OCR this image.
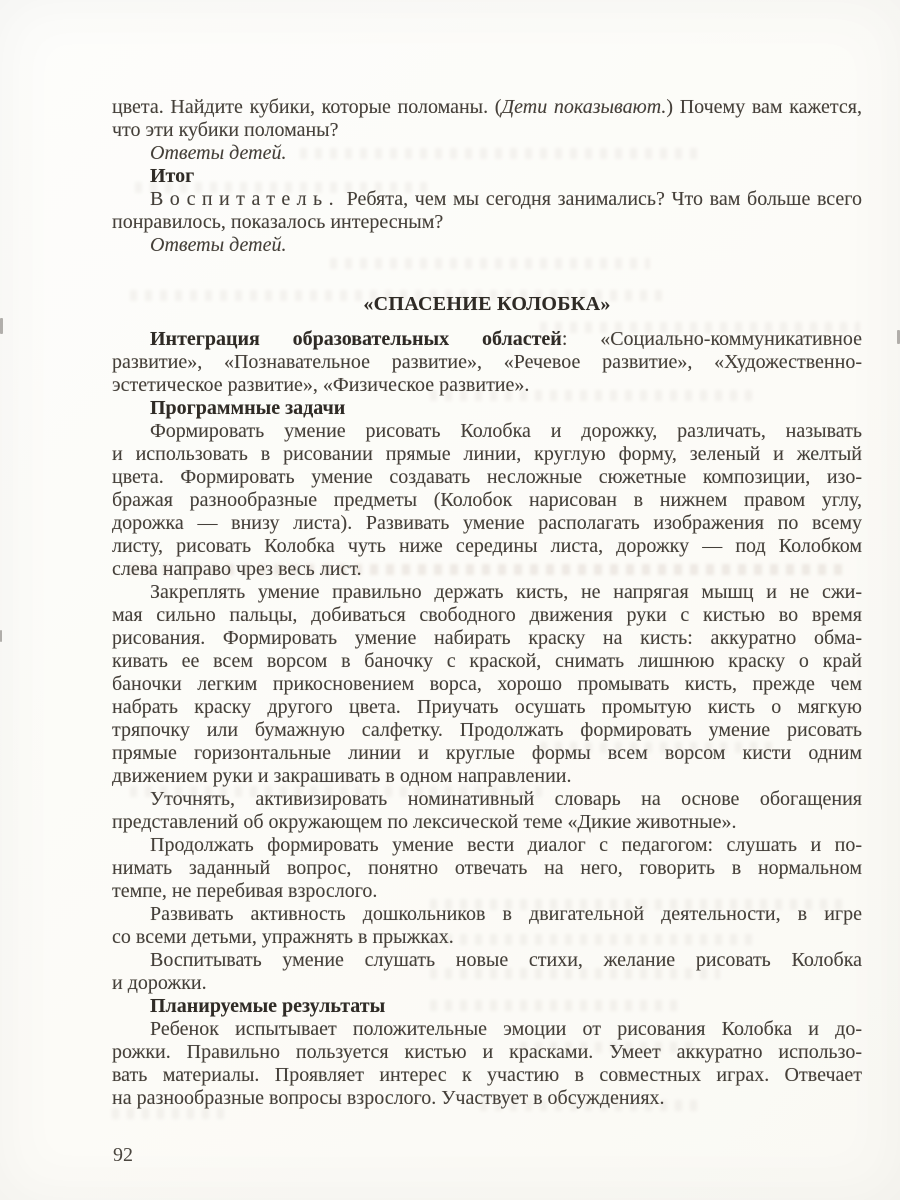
цвета. Найдите кубики, которые поломаны. (Дети показывают.) Почему вам кажется, что эти кубики поломаны?

Ответы детей.
Итог

Воспитатель. Ребята, чем мы сегодня занимались? Что вам больше всего понравилось, показалось интересным?

Ответы детей.
«СПАСЕНИЕ КОЛОБКА»
Интеграция образовательных областей: «Социально-коммуникативное
развитие», «Познавательное развитие», «Речевое развитие», «Художественно-
эстетическое развитие», «Физическое развитие».
Программные задачи
Формировать умение рисовать Колобка и дорожку, различать, называть
и использовать в рисовании прямые линии, круглую форму, зеленый и желтый
цвета. Формировать умение создавать несложные сюжетные композиции, изо-
бражая разнообразные предметы (Колобок нарисован в нижнем правом углу,
дорожка — внизу листа). Развивать умение располагать изображения по всему
листу, рисовать Колобка чуть ниже середины листа, дорожку — под Колобком
слева направо чрез весь лист.
Закреплять умение правильно держать кисть, не напрягая мышц и не сжи-
мая сильно пальцы, добиваться свободного движения руки с кистью во время
рисования. Формировать умение набирать краску на кисть: аккуратно обма-
кивать ее всем ворсом в баночку с краской, снимать лишнюю краску о край
баночки легким прикосновением ворса, хорошо промывать кисть, прежде чем
набрать краску другого цвета. Приучать осушать промытую кисть о мягкую
тряпочку или бумажную салфетку. Продолжать формировать умение рисовать
прямые горизонтальные линии и круглые формы всем ворсом кисти одним
движением руки и закрашивать в одном направлении.
Уточнять, активизировать номинативный словарь на основе обогащения
представлений об окружающем по лексической теме «Дикие животные».
Продолжать формировать умение вести диалог с педагогом: слушать и по-
нимать заданный вопрос, понятно отвечать на него, говорить в нормальном
темпе, не перебивая взрослого.
Развивать активность дошкольников в двигательной деятельности, в игре
со всеми детьми, упражнять в прыжках.
Воспитывать умение слушать новые стихи, желание рисовать Колобка
и дорожки.
Планируемые результаты
Ребенок испытывает положительные эмоции от рисования Колобка и до-
рожки. Правильно пользуется кистью и красками. Умеет аккуратно использо-
вать материалы. Проявляет интерес к участию в совместных играх. Отвечает
на разнообразные вопросы взрослого. Участвует в обсуждениях.
92
